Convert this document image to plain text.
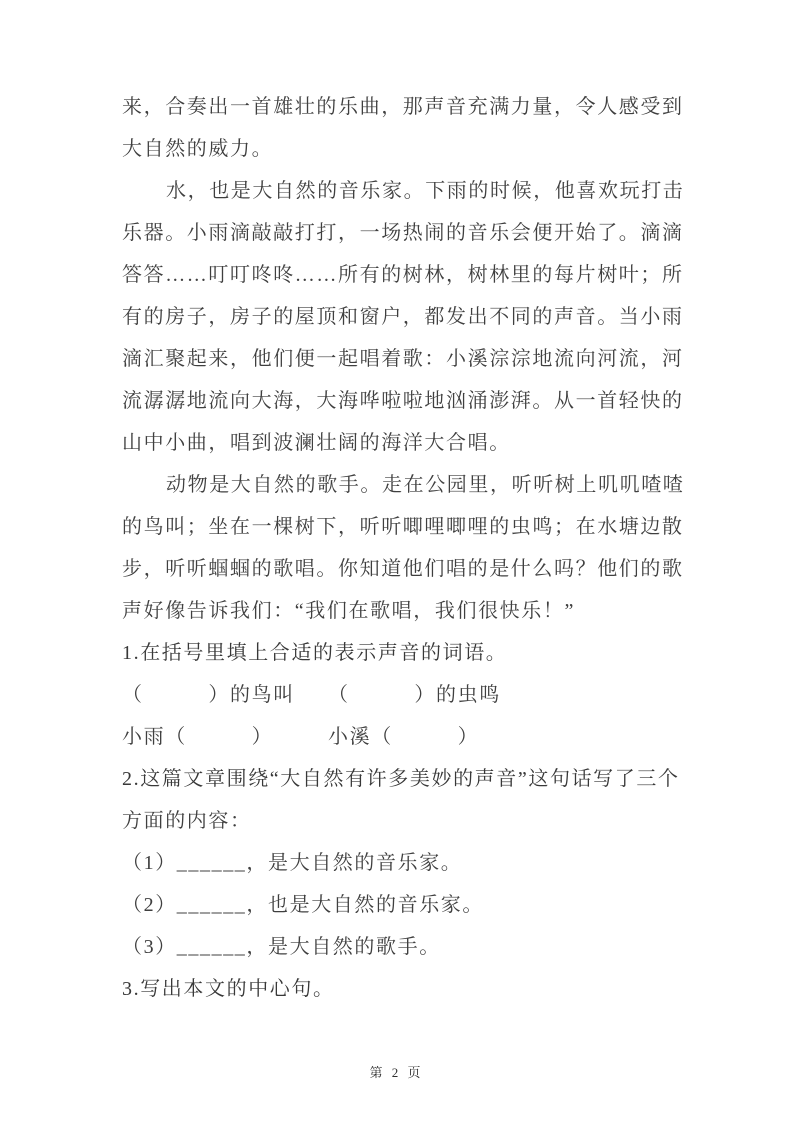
来，合奏出一首雄壮的乐曲，那声音充满力量，令人感受到
大自然的威力。
水，也是大自然的音乐家。下雨的时候，他喜欢玩打击
乐器。小雨滴敲敲打打，一场热闹的音乐会便开始了。滴滴
答答……叮叮咚咚……所有的树林，树林里的每片树叶；所
有的房子，房子的屋顶和窗户，都发出不同的声音。当小雨
滴汇聚起来，他们便一起唱着歌：小溪淙淙地流向河流，河
流潺潺地流向大海，大海哗啦啦地汹涌澎湃。从一首轻快的
山中小曲，唱到波澜壮阔的海洋大合唱。
动物是大自然的歌手。走在公园里，听听树上叽叽喳喳
的鸟叫；坐在一棵树下，听听唧哩唧哩的虫鸣；在水塘边散
步，听听蝈蝈的歌唱。你知道他们唱的是什么吗？他们的歌
声好像告诉我们：“我们在歌唱，我们很快乐！”
1.在括号里填上合适的表示声音的词语。
（　　　）的鸟叫　　（　　　）的虫鸣
小雨（　　　）　　　小溪（　　　）
2.这篇文章围绕“大自然有许多美妙的声音”这句话写了三个
方面的内容：
（1）______，是大自然的音乐家。
（2）______，也是大自然的音乐家。
（3）______，是大自然的歌手。
3.写出本文的中心句。
第 2 页
